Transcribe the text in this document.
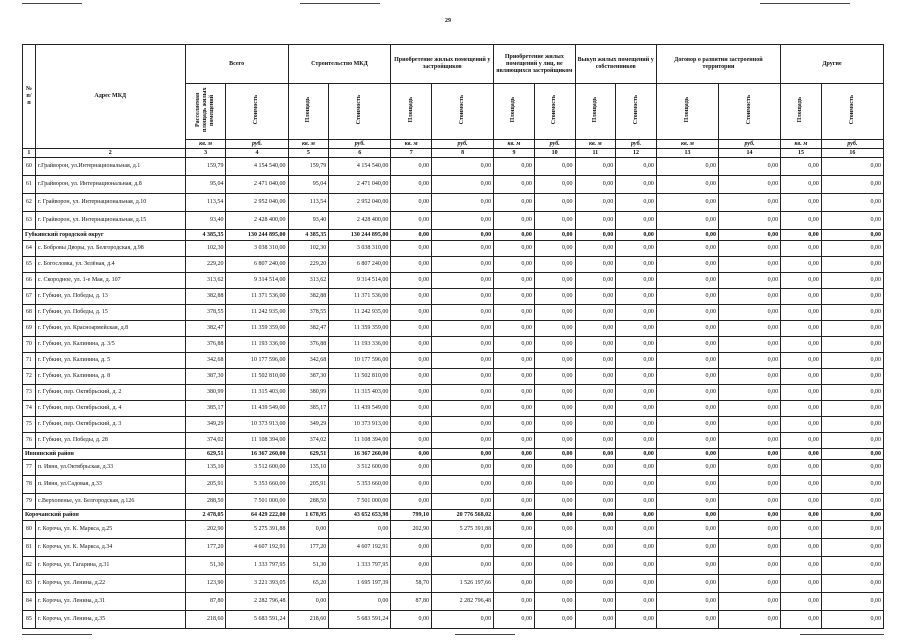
29
№ п/п	Адрес МКД	Всего		Строительство МКД		Приобретение жилых помещений у застройщиков		Приобретение жилых помещений у лиц, не являющихся застройщиком		Выкуп жилых помещений у собственников		Договор о развитии застроенной территории		Другие	
		Расселяемая площадь жилых помещений	Стоимость	Площадь	Стоимость	Площадь	Стоимость	Площадь	Стоимость	Площадь	Стоимость	Площадь	Стоимость	Площадь	Стоимость
		кв. м	руб.	кв. м	руб.	кв. м	руб.	кв. м	руб.	кв. м	руб.	кв. м	руб.	кв. м	руб.
1	2	3	4	5	6	7	8	9	10	11	12	13	14	15	16
60	г.Грайворон, ул.Интернациональная, д.1	159,79	4 154 540,00	159,79	4 154 540,00	0,00	0,00	0,00	0,00	0,00	0,00	0,00	0,00	0,00	0,00
61	г.Грайворон, ул. Интернациональная, д.8	95,04	2 471 040,00	95,04	2 471 040,00	0,00	0,00	0,00	0,00	0,00	0,00	0,00	0,00	0,00	0,00
62	г. Грайворон, ул. Интернациональная, д.10	113,54	2 952 040,00	113,54	2 952 040,00	0,00	0,00	0,00	0,00	0,00	0,00	0,00	0,00	0,00	0,00
63	г. Грайворон, ул. Интернациональная, д.15	93,40	2 428 400,00	93,40	2 428 400,00	0,00	0,00	0,00	0,00	0,00	0,00	0,00	0,00	0,00	0,00
Губкинский городской округ		4 385,35	130 244 895,00	4 385,35	130 244 895,00	0,00	0,00	0,00	0,00	0,00	0,00	0,00	0,00	0,00	0,00
64	с. Бобровы Дворы, ул. Белгородская, д.98	102,30	3 038 310,00	102,30	3 038 310,00	0,00	0,00	0,00	0,00	0,00	0,00	0,00	0,00	0,00	0,00
65	с. Богословка, ул. Зелёная, д.4	229,20	6 807 240,00	229,20	6 807 240,00	0,00	0,00	0,00	0,00	0,00	0,00	0,00	0,00	0,00	0,00
66	с. Скородное, ул. 1-е Мая, д. 107	313,62	9 314 514,00	313,62	9 314 514,00	0,00	0,00	0,00	0,00	0,00	0,00	0,00	0,00	0,00	0,00
67	г. Губкин, ул. Победы, д. 13	382,88	11 371 536,00	382,88	11 371 536,00	0,00	0,00	0,00	0,00	0,00	0,00	0,00	0,00	0,00	0,00
68	г. Губкин, ул. Победы, д. 15	378,55	11 242 935,00	378,55	11 242 935,00	0,00	0,00	0,00	0,00	0,00	0,00	0,00	0,00	0,00	0,00
69	г. Губкин, ул. Красноармейская, д.8	382,47	11 359 359,00	382,47	11 359 359,00	0,00	0,00	0,00	0,00	0,00	0,00	0,00	0,00	0,00	0,00
70	г. Губкин, ул. Калинина, д. 3/5	376,88	11 193 336,00	376,88	11 193 336,00	0,00	0,00	0,00	0,00	0,00	0,00	0,00	0,00	0,00	0,00
71	г. Губкин, ул. Калинина, д. 5	342,68	10 177 596,00	342,68	10 177 596,00	0,00	0,00	0,00	0,00	0,00	0,00	0,00	0,00	0,00	0,00
72	г. Губкин, ул. Калинина, д. 8	387,30	11 502 810,00	387,30	11 502 810,00	0,00	0,00	0,00	0,00	0,00	0,00	0,00	0,00	0,00	0,00
73	г. Губкин, пер. Октябрьский, д. 2	380,99	11 315 403,00	380,99	11 315 403,00	0,00	0,00	0,00	0,00	0,00	0,00	0,00	0,00	0,00	0,00
74	г. Губкин, пер. Октябрьский, д. 4	385,17	11 439 549,00	385,17	11 439 549,00	0,00	0,00	0,00	0,00	0,00	0,00	0,00	0,00	0,00	0,00
75	г. Губкин, пер. Октябрьский, д. 3	349,29	10 373 913,00	349,29	10 373 913,00	0,00	0,00	0,00	0,00	0,00	0,00	0,00	0,00	0,00	0,00
76	г. Губкин, ул. Победы, д. 28	374,02	11 108 394,00	374,02	11 108 394,00	0,00	0,00	0,00	0,00	0,00	0,00	0,00	0,00	0,00	0,00
Ивнянский район		629,51	16 367 260,00	629,51	16 367 260,00	0,00	0,00	0,00	0,00	0,00	0,00	0,00	0,00	0,00	0,00
77	п. Ивня, ул.Октябрьская, д.33	135,10	3 512 600,00	135,10	3 512 600,00	0,00	0,00	0,00	0,00	0,00	0,00	0,00	0,00	0,00	0,00
78	п. Ивня, ул.Садовая, д.33	205,91	5 353 660,00	205,91	5 353 660,00	0,00	0,00	0,00	0,00	0,00	0,00	0,00	0,00	0,00	0,00
79	с.Верхопенье, ул. Белгородская, д.126	288,50	7 501 000,00	288,50	7 501 000,00	0,00	0,00	0,00	0,00	0,00	0,00	0,00	0,00	0,00	0,00
Корочанский район		2 478,05	64 429 222,00	1 678,95	43 652 653,98	799,10	20 776 568,02	0,00	0,00	0,00	0,00	0,00	0,00	0,00	0,00
80	г. Короча, ул. К. Маркса, д.25	202,90	5 275 391,88	0,00	0,00	202,90	5 275 391,88	0,00	0,00	0,00	0,00	0,00	0,00	0,00	0,00
81	г. Короча, ул. К. Маркса, д.34	177,20	4 607 192,91	177,20	4 607 192,91	0,00	0,00	0,00	0,00	0,00	0,00	0,00	0,00	0,00	0,00
82	г. Короча, ул. Гагарина, д.31	51,30	1 333 797,95	51,30	1 333 797,95	0,00	0,00	0,00	0,00	0,00	0,00	0,00	0,00	0,00	0,00
83	г. Короча, ул. Ленина, д.22	123,90	3 221 393,05	65,20	1 695 197,39	58,70	1 526 197,66	0,00	0,00	0,00	0,00	0,00	0,00	0,00	0,00
84	г. Короча, ул. Ленина, д.31	87,80	2 282 796,48	0,00	0,00	87,80	2 282 796,48	0,00	0,00	0,00	0,00	0,00	0,00	0,00	0,00
85	г. Короча, ул. Ленина, д.35	218,60	5 683 591,24	218,60	5 683 591,24	0,00	0,00	0,00	0,00	0,00	0,00	0,00	0,00	0,00	0,00
